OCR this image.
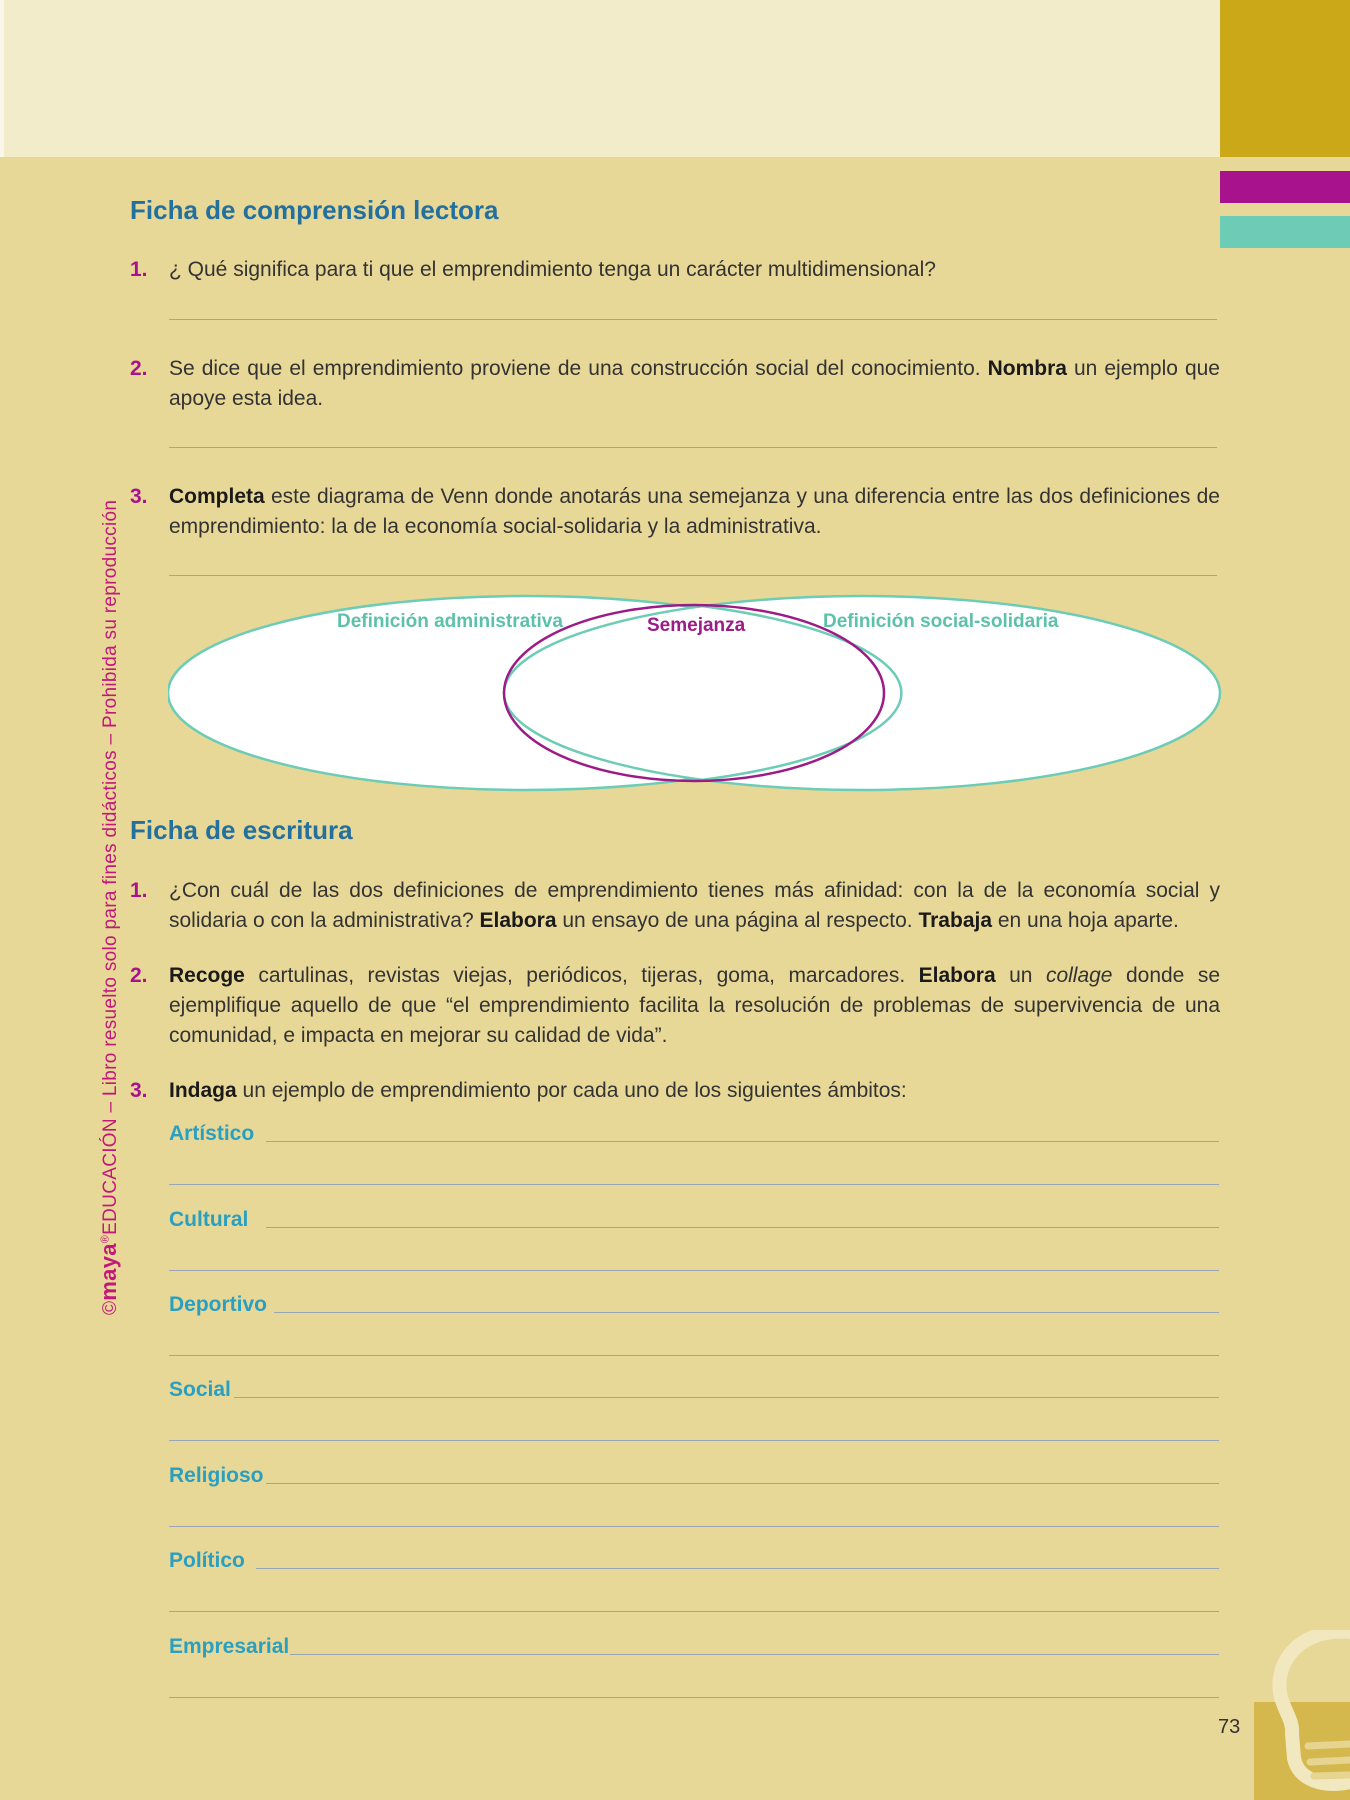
©maya®EDUCACIÓN – Libro resuelto solo para fines didácticos – Prohibida su reproducción
Ficha de comprensión lectora
1. ¿ Qué significa para ti que el emprendimiento tenga un carácter multidimensional?
2. Se dice que el emprendimiento proviene de una construcción social del conocimiento. Nombra un ejemplo que apoye esta idea.
3. Completa este diagrama de Venn donde anotarás una semejanza y una diferencia entre las dos definiciones de emprendimiento: la de la economía social-solidaria y la administrativa.
Definición administrativa	Semejanza	Definición social-solidaria
Ficha de escritura
1. ¿Con cuál de las dos definiciones de emprendimiento tienes más afinidad: con la de la economía social y solidaria o con la administrativa? Elabora un ensayo de una página al respecto. Trabaja en una hoja aparte.
2. Recoge cartulinas, revistas viejas, periódicos, tijeras, goma, marcadores. Elabora un collage donde se ejemplifique aquello de que “el emprendimiento facilita la resolución de problemas de supervivencia de una comunidad, e impacta en mejorar su calidad de vida”.
3. Indaga un ejemplo de emprendimiento por cada uno de los siguientes ámbitos:
Artístico
Cultural
Deportivo
Social
Religioso
Político
Empresarial
73
